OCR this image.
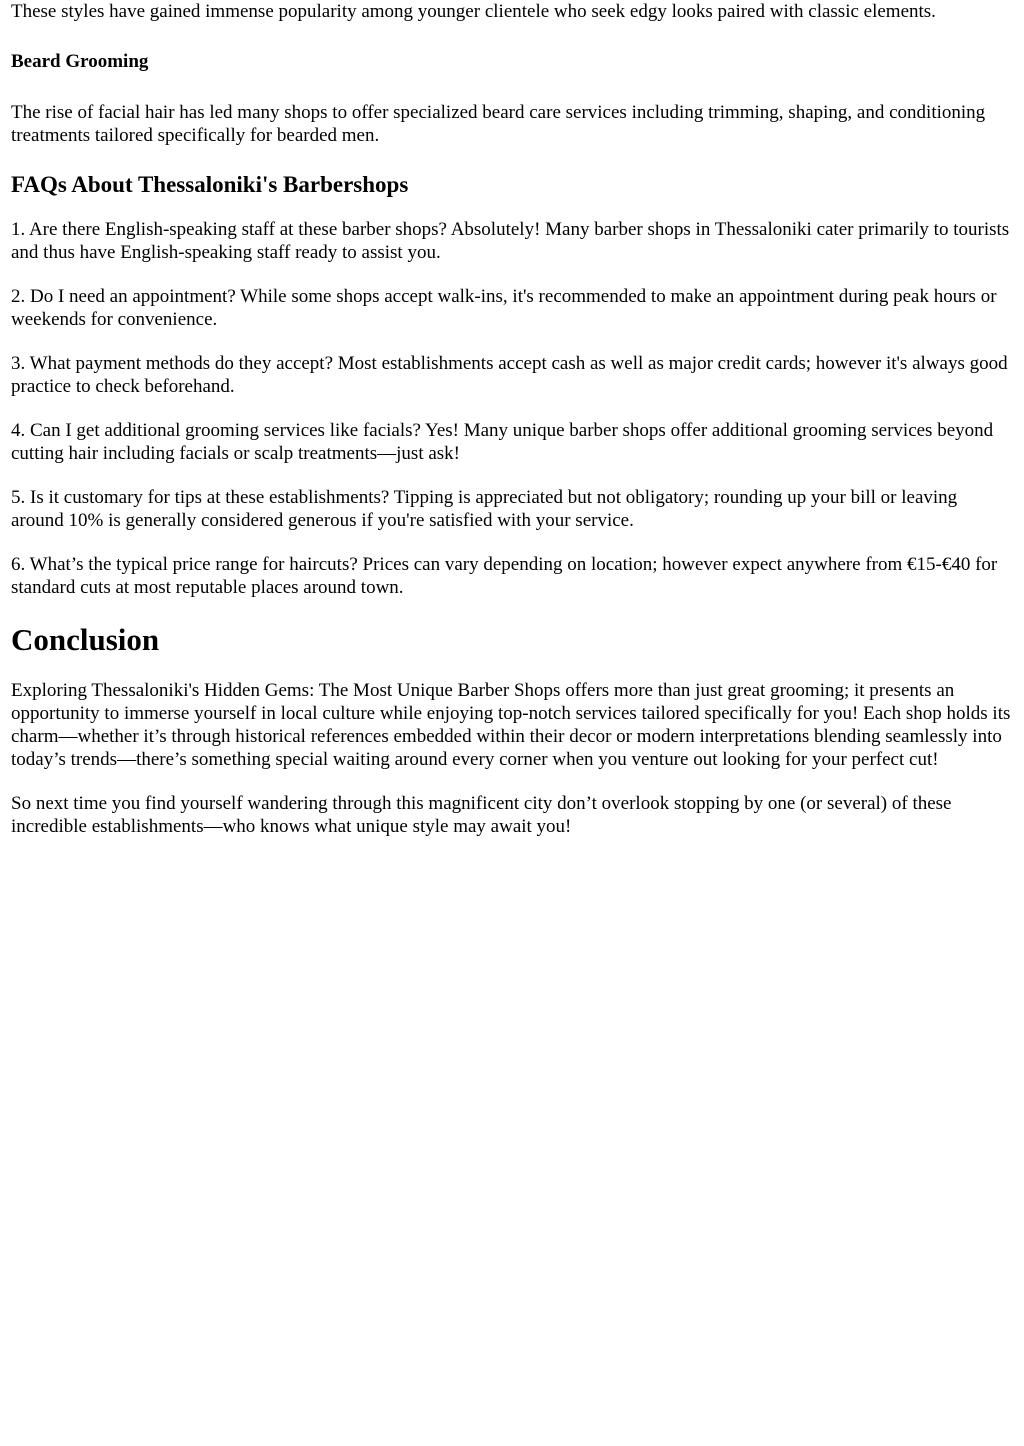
These styles have gained immense popularity among younger clientele who seek edgy looks paired with classic elements.

Beard Grooming

The rise of facial hair has led many shops to offer specialized beard care services including trimming, shaping, and conditioning treatments tailored specifically for bearded men.

FAQs About Thessaloniki's Barbershops

1. Are there English-speaking staff at these barber shops? Absolutely! Many barber shops in Thessaloniki cater primarily to tourists and thus have English-speaking staff ready to assist you.

2. Do I need an appointment? While some shops accept walk-ins, it's recommended to make an appointment during peak hours or weekends for convenience.

3. What payment methods do they accept? Most establishments accept cash as well as major credit cards; however it's always good practice to check beforehand.

4. Can I get additional grooming services like facials? Yes! Many unique barber shops offer additional grooming services beyond cutting hair including facials or scalp treatments—just ask!

5. Is it customary for tips at these establishments? Tipping is appreciated but not obligatory; rounding up your bill or leaving around 10% is generally considered generous if you're satisfied with your service.

6. What’s the typical price range for haircuts? Prices can vary depending on location; however expect anywhere from €15-€40 for standard cuts at most reputable places around town.

Conclusion

Exploring Thessaloniki's Hidden Gems: The Most Unique Barber Shops offers more than just great grooming; it presents an opportunity to immerse yourself in local culture while enjoying top-notch services tailored specifically for you! Each shop holds its charm—whether it’s through historical references embedded within their decor or modern interpretations blending seamlessly into today’s trends—there’s something special waiting around every corner when you venture out looking for your perfect cut!

So next time you find yourself wandering through this magnificent city don’t overlook stopping by one (or several) of these incredible establishments—who knows what unique style may await you!
